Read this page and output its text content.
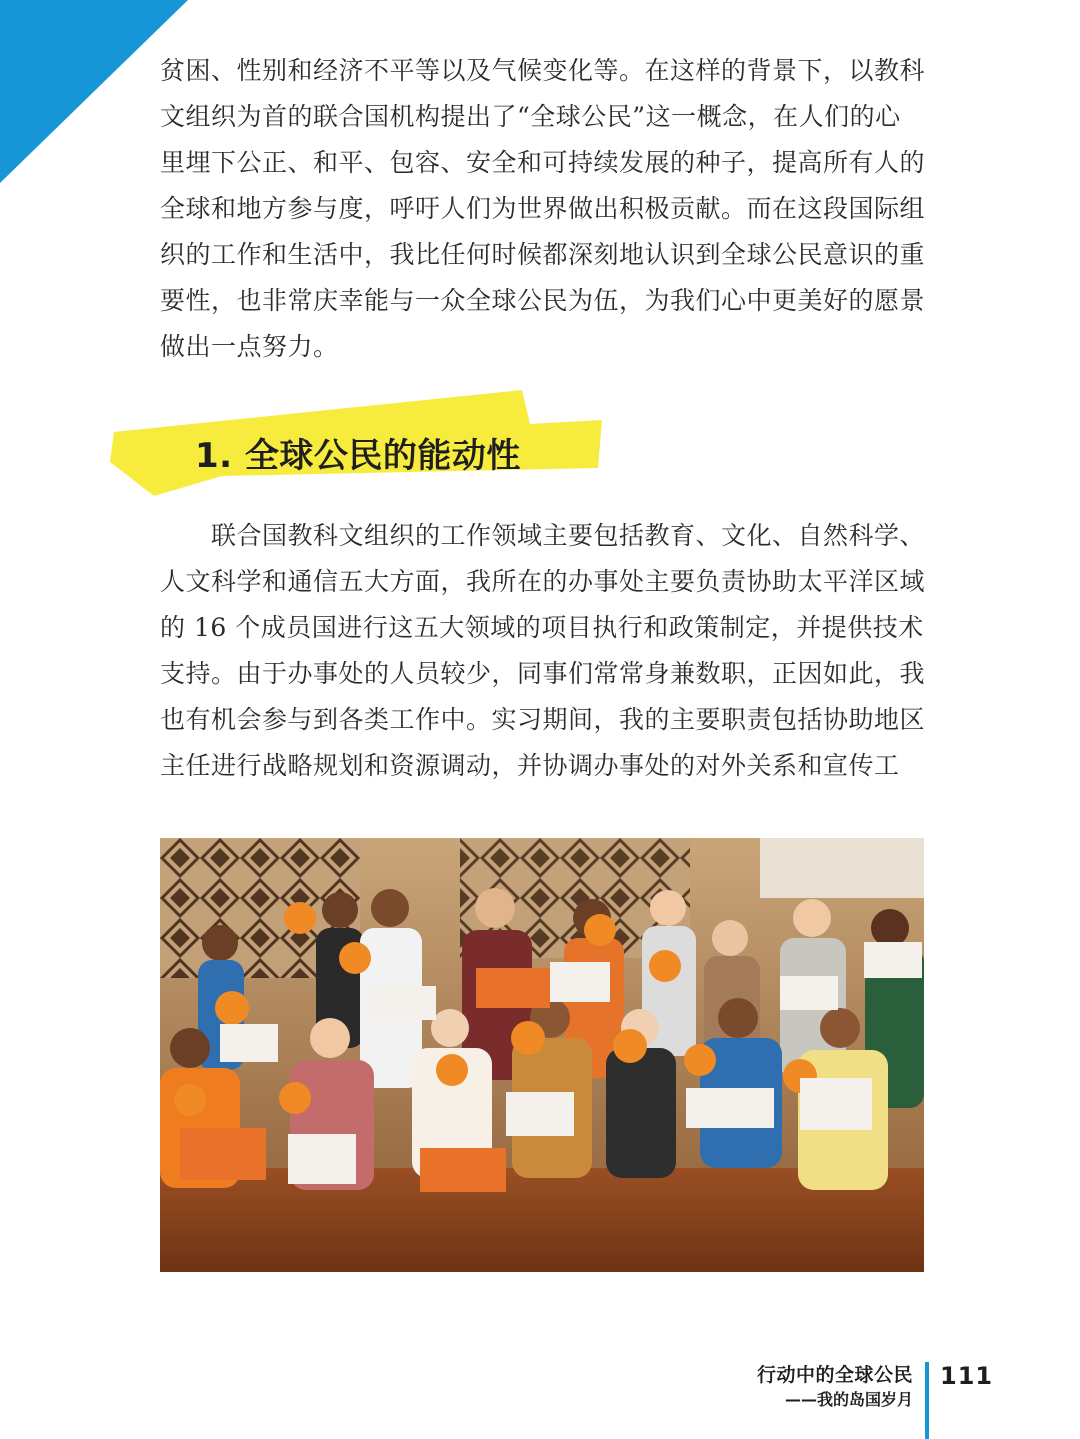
贫困、性别和经济不平等以及气候变化等。在这样的背景下，以教科
文组织为首的联合国机构提出了“全球公民”这一概念，在人们的心
里埋下公正、和平、包容、安全和可持续发展的种子，提高所有人的
全球和地方参与度，呼吁人们为世界做出积极贡献。而在这段国际组
织的工作和生活中，我比任何时候都深刻地认识到全球公民意识的重
要性，也非常庆幸能与一众全球公民为伍，为我们心中更美好的愿景
做出一点努力。
1. 全球公民的能动性
　　联合国教科文组织的工作领域主要包括教育、文化、自然科学、
人文科学和通信五大方面，我所在的办事处主要负责协助太平洋区域
的 16 个成员国进行这五大领域的项目执行和政策制定，并提供技术
支持。由于办事处的人员较少，同事们常常身兼数职，正因如此，我
也有机会参与到各类工作中。实习期间，我的主要职责包括协助地区
主任进行战略规划和资源调动，并协调办事处的对外关系和宣传工
行动中的全球公民
——我的岛国岁月
111
